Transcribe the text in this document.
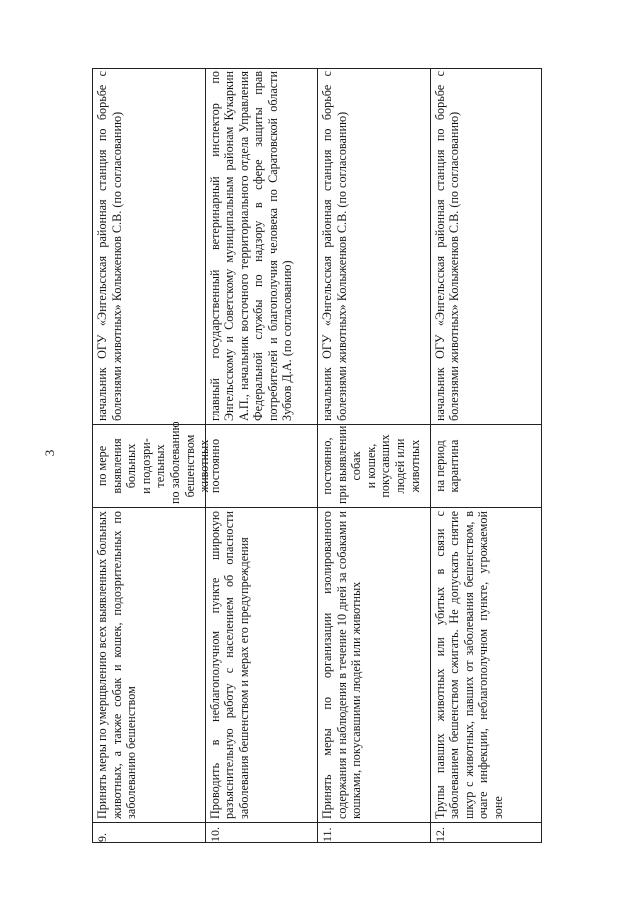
3
9.
Принять меры по умерщвлению всех выявленных больных животных, а также собак и кошек, подозрительных по заболеванию бешенством
по мере выявления больных и подозри- тельных по заболеванию бешенством животных
начальник ОГУ «Энгельсская районная станция по борьбе с болезнями животных» Колыженков С.В. (по согласованию)
10.
Проводить в неблагополучном пункте широкую разъяснительную работу с населением об опасности заболевания бешенством и мерах его предупреждения
постоянно
главный государственный ветеринарный инспектор по Энгельсскому и Советскому муниципальным районам Кукаркин А.П., начальник восточного территориального отдела Управления Федеральной службы по надзору в сфере защиты прав потребителей и благополучия человека по Саратовской области Зубков Д.А. (по согласованию)
11.
Принять меры по организации изолированного содержания и наблюдения в течение 10 дней за собаками и кошками, покусавшими людей или животных
постоянно, при выявлении собак и кошек, покусавших людей или животных
начальник ОГУ «Энгельсская районная станция по борьбе с болезнями животных» Колыженков С.В. (по согласованию)
12.
Трупы павших животных или убитых в связи с заболеванием бешенством сжигать. Не допускать снятие шкур с животных, павших от заболевания бешенством, в очаге инфекции, неблагополучном пункте, угрожаемой зоне
на период карантина
начальник ОГУ «Энгельсская районная станция по борьбе с болезнями животных» Колыженков С.В. (по согласованию)
